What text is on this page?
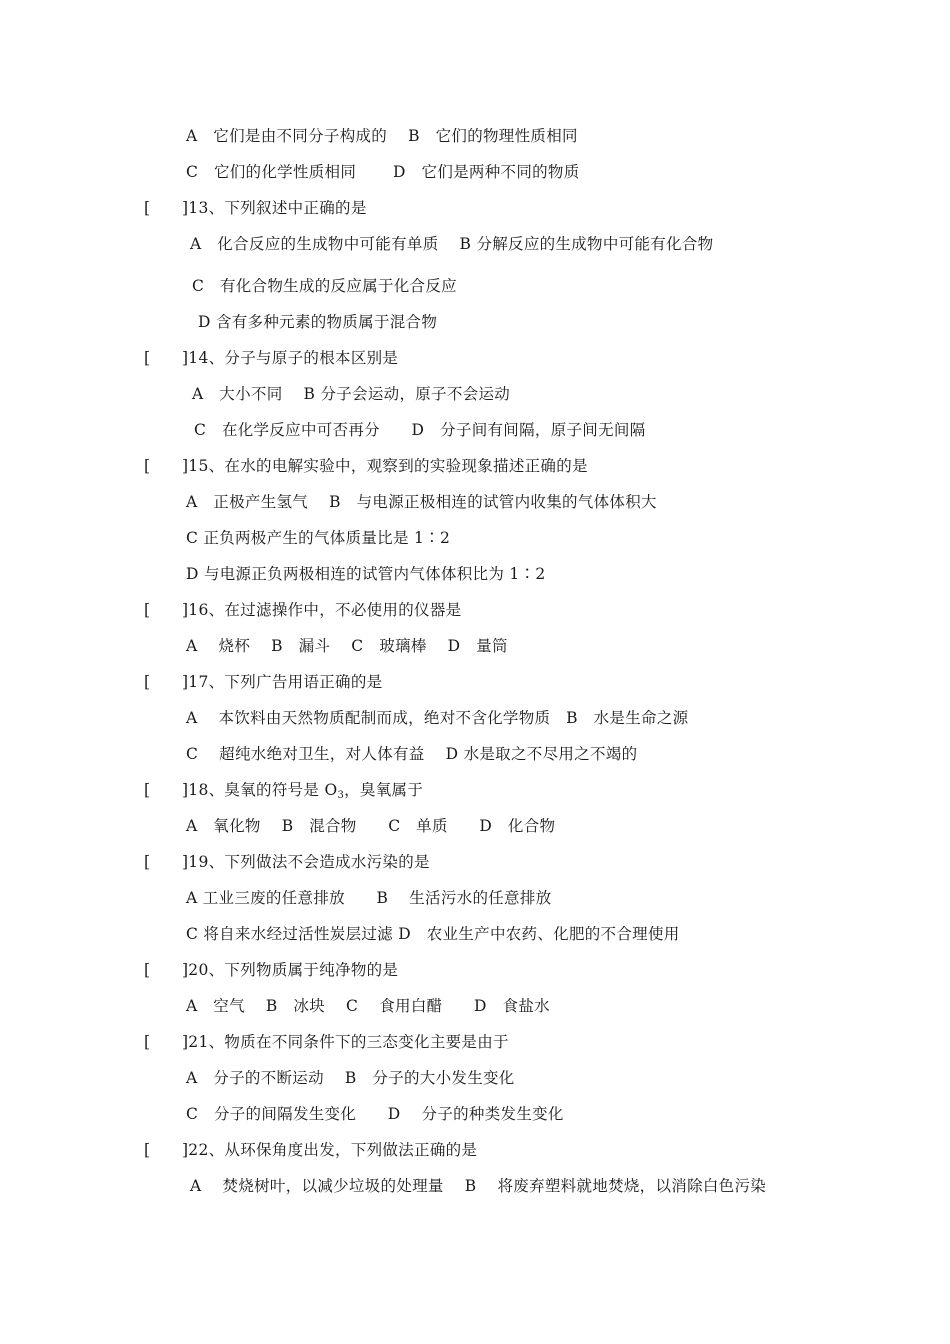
A　它们是由不同分子构成的　 B　它们的物理性质相同
C　它们的化学性质相同　　 D　它们是两种不同的物质
[　　]13、下列叙述中正确的是
A　化合反应的生成物中可能有单质　 B 分解反应的生成物中可能有化合物
C　有化合物生成的反应属于化合反应
D 含有多种元素的物质属于混合物
[　　]14、分子与原子的根本区别是
A　大小不同　 B 分子会运动，原子不会运动
C　在化学反应中可否再分　　D　分子间有间隔，原子间无间隔
[　　]15、在水的电解实验中，观察到的实验现象描述正确的是
A　正极产生氢气　 B　与电源正极相连的试管内收集的气体体积大
C 正负两极产生的气体质量比是 1∶2
D 与电源正负两极相连的试管内气体体积比为 1∶2
[　　]16、在过滤操作中，不必使用的仪器是
A　 烧杯　 B　漏斗　 C　玻璃棒　 D　量筒
[　　]17、下列广告用语正确的是
A　 本饮料由天然物质配制而成，绝对不含化学物质　B　水是生命之源
C　 超纯水绝对卫生，对人体有益　 D 水是取之不尽用之不竭的
[　　]18、臭氧的符号是 $O_3$，臭氧属于
A　氧化物　 B　混合物　　C　单质　　D　化合物
[　　]19、下列做法不会造成水污染的是
A 工业三废的任意排放　　B　 生活污水的任意排放
C 将自来水经过活性炭层过滤 D　农业生产中农药、化肥的不合理使用
[　　]20、下列物质属于纯净物的是
A　空气　 B　冰块　 C　 食用白醋　　D　食盐水
[　　]21、物质在不同条件下的三态变化主要是由于
A　分子的不断运动　 B　分子的大小发生变化
C　分子的间隔发生变化　　D　 分子的种类发生变化
[　　]22、从环保角度出发，下列做法正确的是
A　 焚烧树叶，以减少垃圾的处理量　 B　 将废弃塑料就地焚烧，以消除白色污染
